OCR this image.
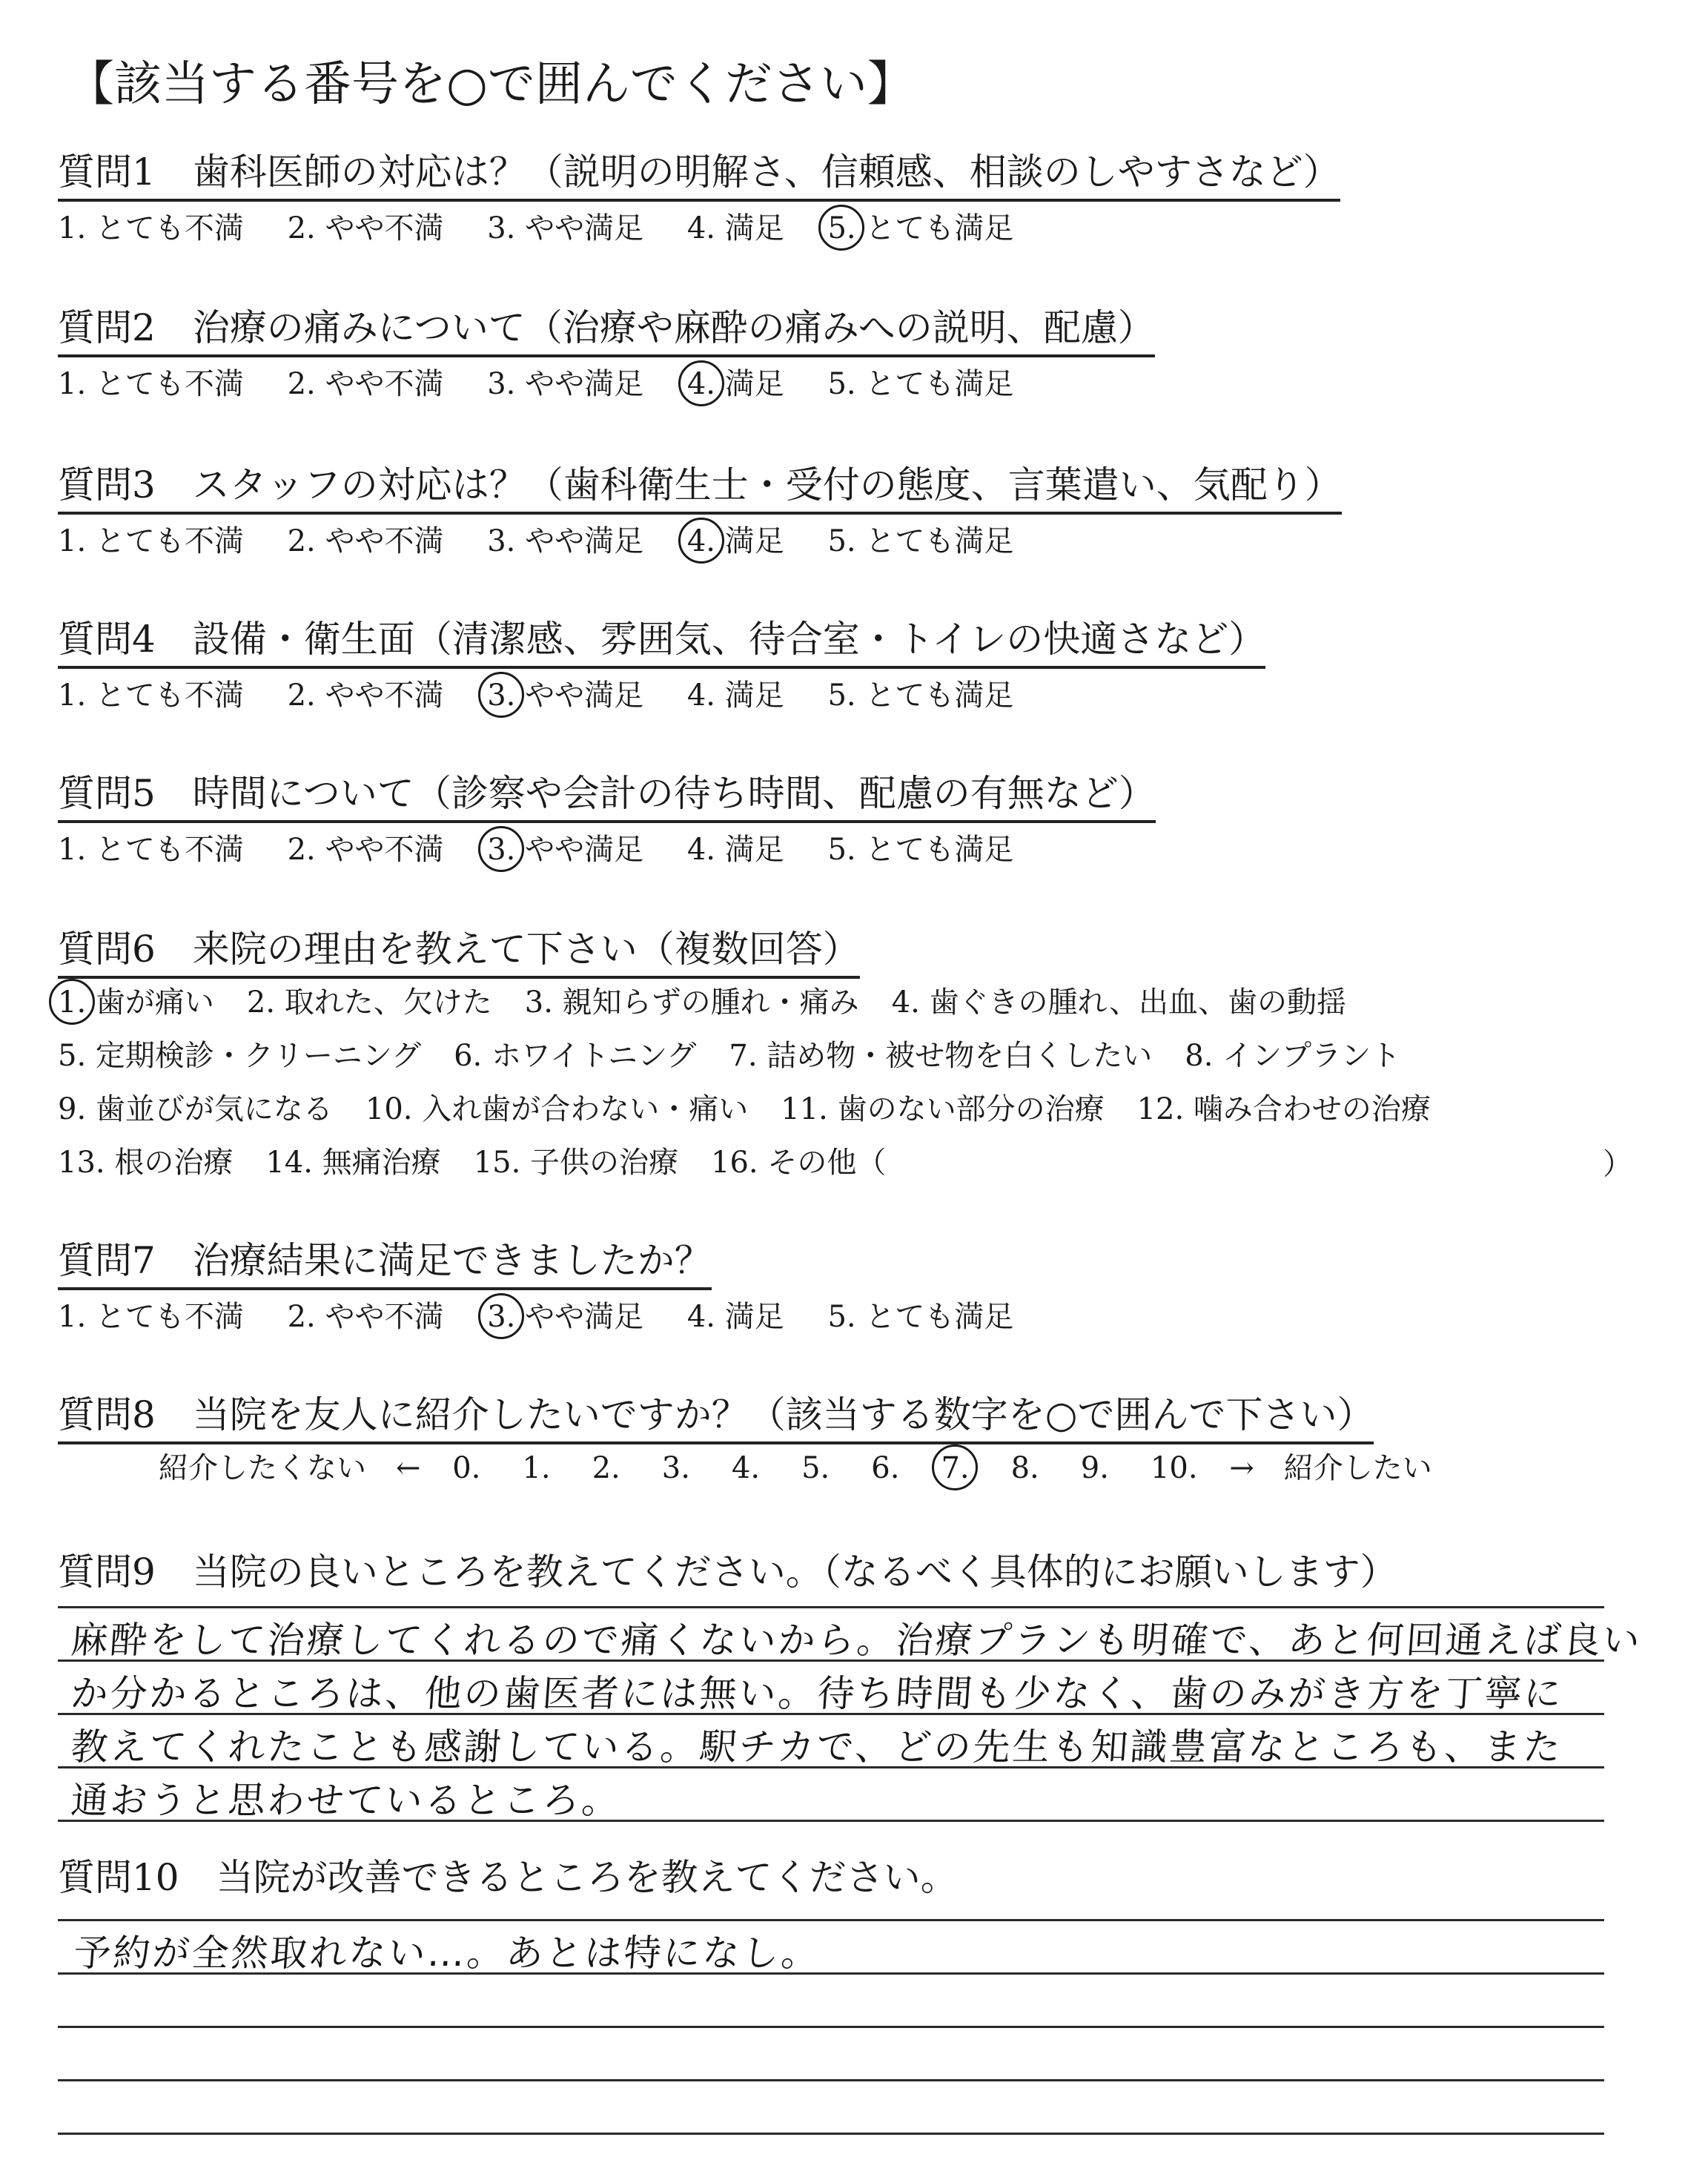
【該当する番号を○で囲んでください】
質問1　歯科医師の対応は？（説明の明解さ、信頼感、相談のしやすさなど）
1. とても不満 2. やや不満 3. やや満足 4. 満足 5. とても満足
質問2　治療の痛みについて（治療や麻酔の痛みへの説明、配慮）
1. とても不満 2. やや不満 3. やや満足 4. 満足 5. とても満足
質問3　スタッフの対応は？（歯科衛生士・受付の態度、言葉遣い、気配り）
1. とても不満 2. やや不満 3. やや満足 4. 満足 5. とても満足
質問4　設備・衛生面（清潔感、雰囲気、待合室・トイレの快適さなど）
1. とても不満 2. やや不満 3. やや満足 4. 満足 5. とても満足
質問5　時間について（診察や会計の待ち時間、配慮の有無など）
1. とても不満 2. やや不満 3. やや満足 4. 満足 5. とても満足
質問6　来院の理由を教えて下さい（複数回答）
1. 歯が痛い 2. 取れた、欠けた 3. 親知らずの腫れ・痛み 4. 歯ぐきの腫れ、出血、歯の動揺
5. 定期検診・クリーニング 6. ホワイトニング 7. 詰め物・被せ物を白くしたい 8. インプラント
9. 歯並びが気になる 10. 入れ歯が合わない・痛い 11. 歯のない部分の治療 12. 噛み合わせの治療
13. 根の治療 14. 無痛治療 15. 子供の治療 16. その他（	）
質問7　治療結果に満足できましたか？
1. とても不満 2. やや不満 3. やや満足 4. 満足 5. とても満足
質問8　当院を友人に紹介したいですか？（該当する数字を○で囲んで下さい）
紹介したくない　← 0. 1. 2. 3. 4. 5. 6. 7. 8. 9. 10. →　紹介したい
質問9　当院の良いところを教えてください。（なるべく具体的にお願いします）
麻酔をして治療してくれるので痛くないから。治療プランも明確で、あと何回通えば良い
か分かるところは、他の歯医者には無い。待ち時間も少なく、歯のみがき方を丁寧に
教えてくれたことも感謝している。駅チカで、どの先生も知識豊富なところも、また
通おうと思わせているところ。
質問10　当院が改善できるところを教えてください。
予約が全然取れない…。あとは特になし。
